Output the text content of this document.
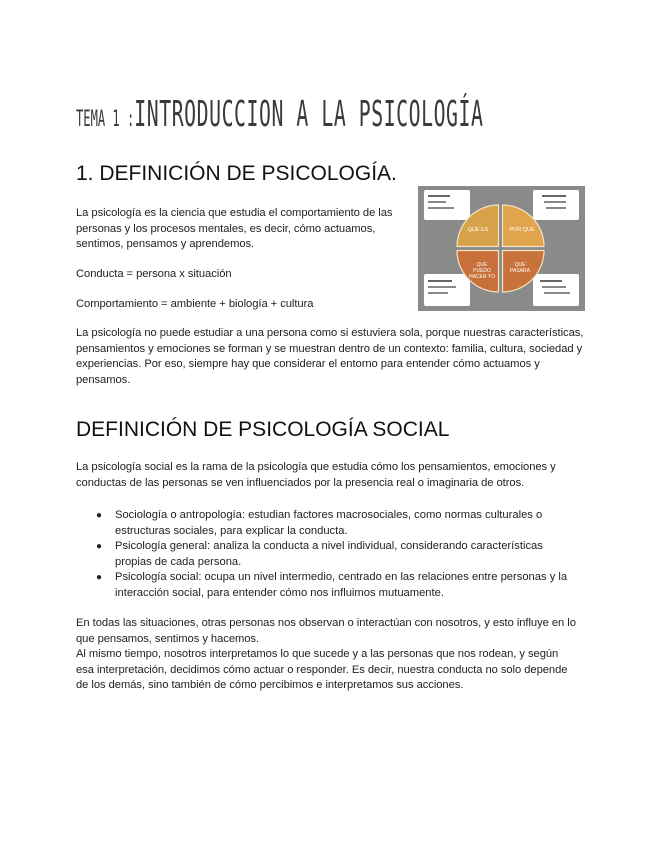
TEMA 1 :INTRODUCCION A LA PSICOLOGÍA
1. DEFINICIÓN DE PSICOLOGÍA.

La psicología es la ciencia que estudia el comportamiento de las personas y los procesos mentales, es decir, cómo actuamos, sentimos, pensamos y aprendemos.

Conducta = persona x situación

Comportamiento = ambiente + biología + cultura

La psicología no puede estudiar a una persona como si estuviera sola, porque nuestras características, pensamientos y emociones se forman y se muestran dentro de un contexto: familia, cultura, sociedad y experiencias. Por eso, siempre hay que considerar el entorno para entender cómo actuamos y pensamos.

QUE ES	POR QUE
QUE PUEDO HACER YO
QUE PASARA
DEFINICIÓN DE PSICOLOGÍA SOCIAL

La psicología social es la rama de la psicología que estudia cómo los pensamientos, emociones y conductas de las personas se ven influenciados por la presencia real o imaginaria de otros.

● Sociología o antropología: estudian factores macrosociales, como normas culturales o estructuras sociales, para explicar la conducta.
● Psicología general: analiza la conducta a nivel individual, considerando características propias de cada persona.
● Psicología social: ocupa un nivel intermedio, centrado en las relaciones entre personas y la interacción social, para entender cómo nos influimos mutuamente.

En todas las situaciones, otras personas nos observan o interactúan con nosotros, y esto influye en lo que pensamos, sentimos y hacemos.
Al mismo tiempo, nosotros interpretamos lo que sucede y a las personas que nos rodean, y según esa interpretación, decidimos cómo actuar o responder. Es decir, nuestra conducta no solo depende de los demás, sino también de cómo percibimos e interpretamos sus acciones.
